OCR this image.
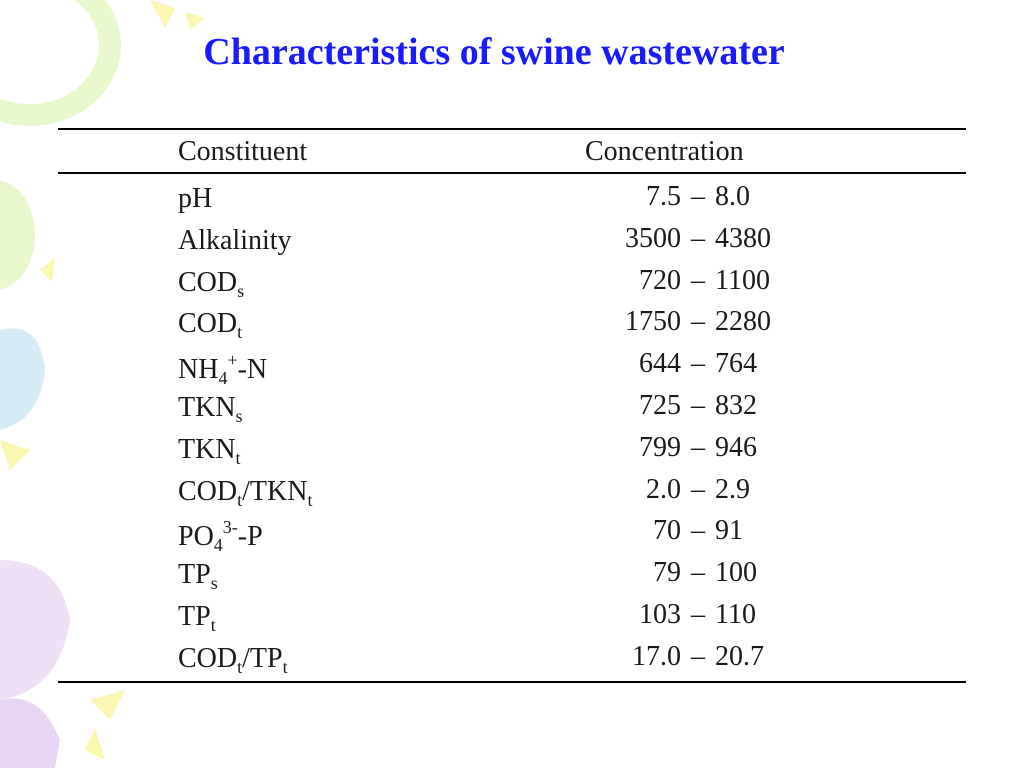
Characteristics of swine wastewater
Constituent	Concentration
pH	7.5 – 8.0
Alkalinity	3500 – 4380
$COD_s$	720 – 1100
$COD_t$	1750 – 2280
$NH_4^+-N$	644 – 764
$TKN_s$	725 – 832
$TKN_t$	799 – 946
$COD_t/TKN_t$	2.0 – 2.9
$PO_4^{3-}-P$	70 – 91
$TP_s$	79 – 100
$TP_t$	103 – 110
$COD_t/TP_t$	17.0 – 20.7
